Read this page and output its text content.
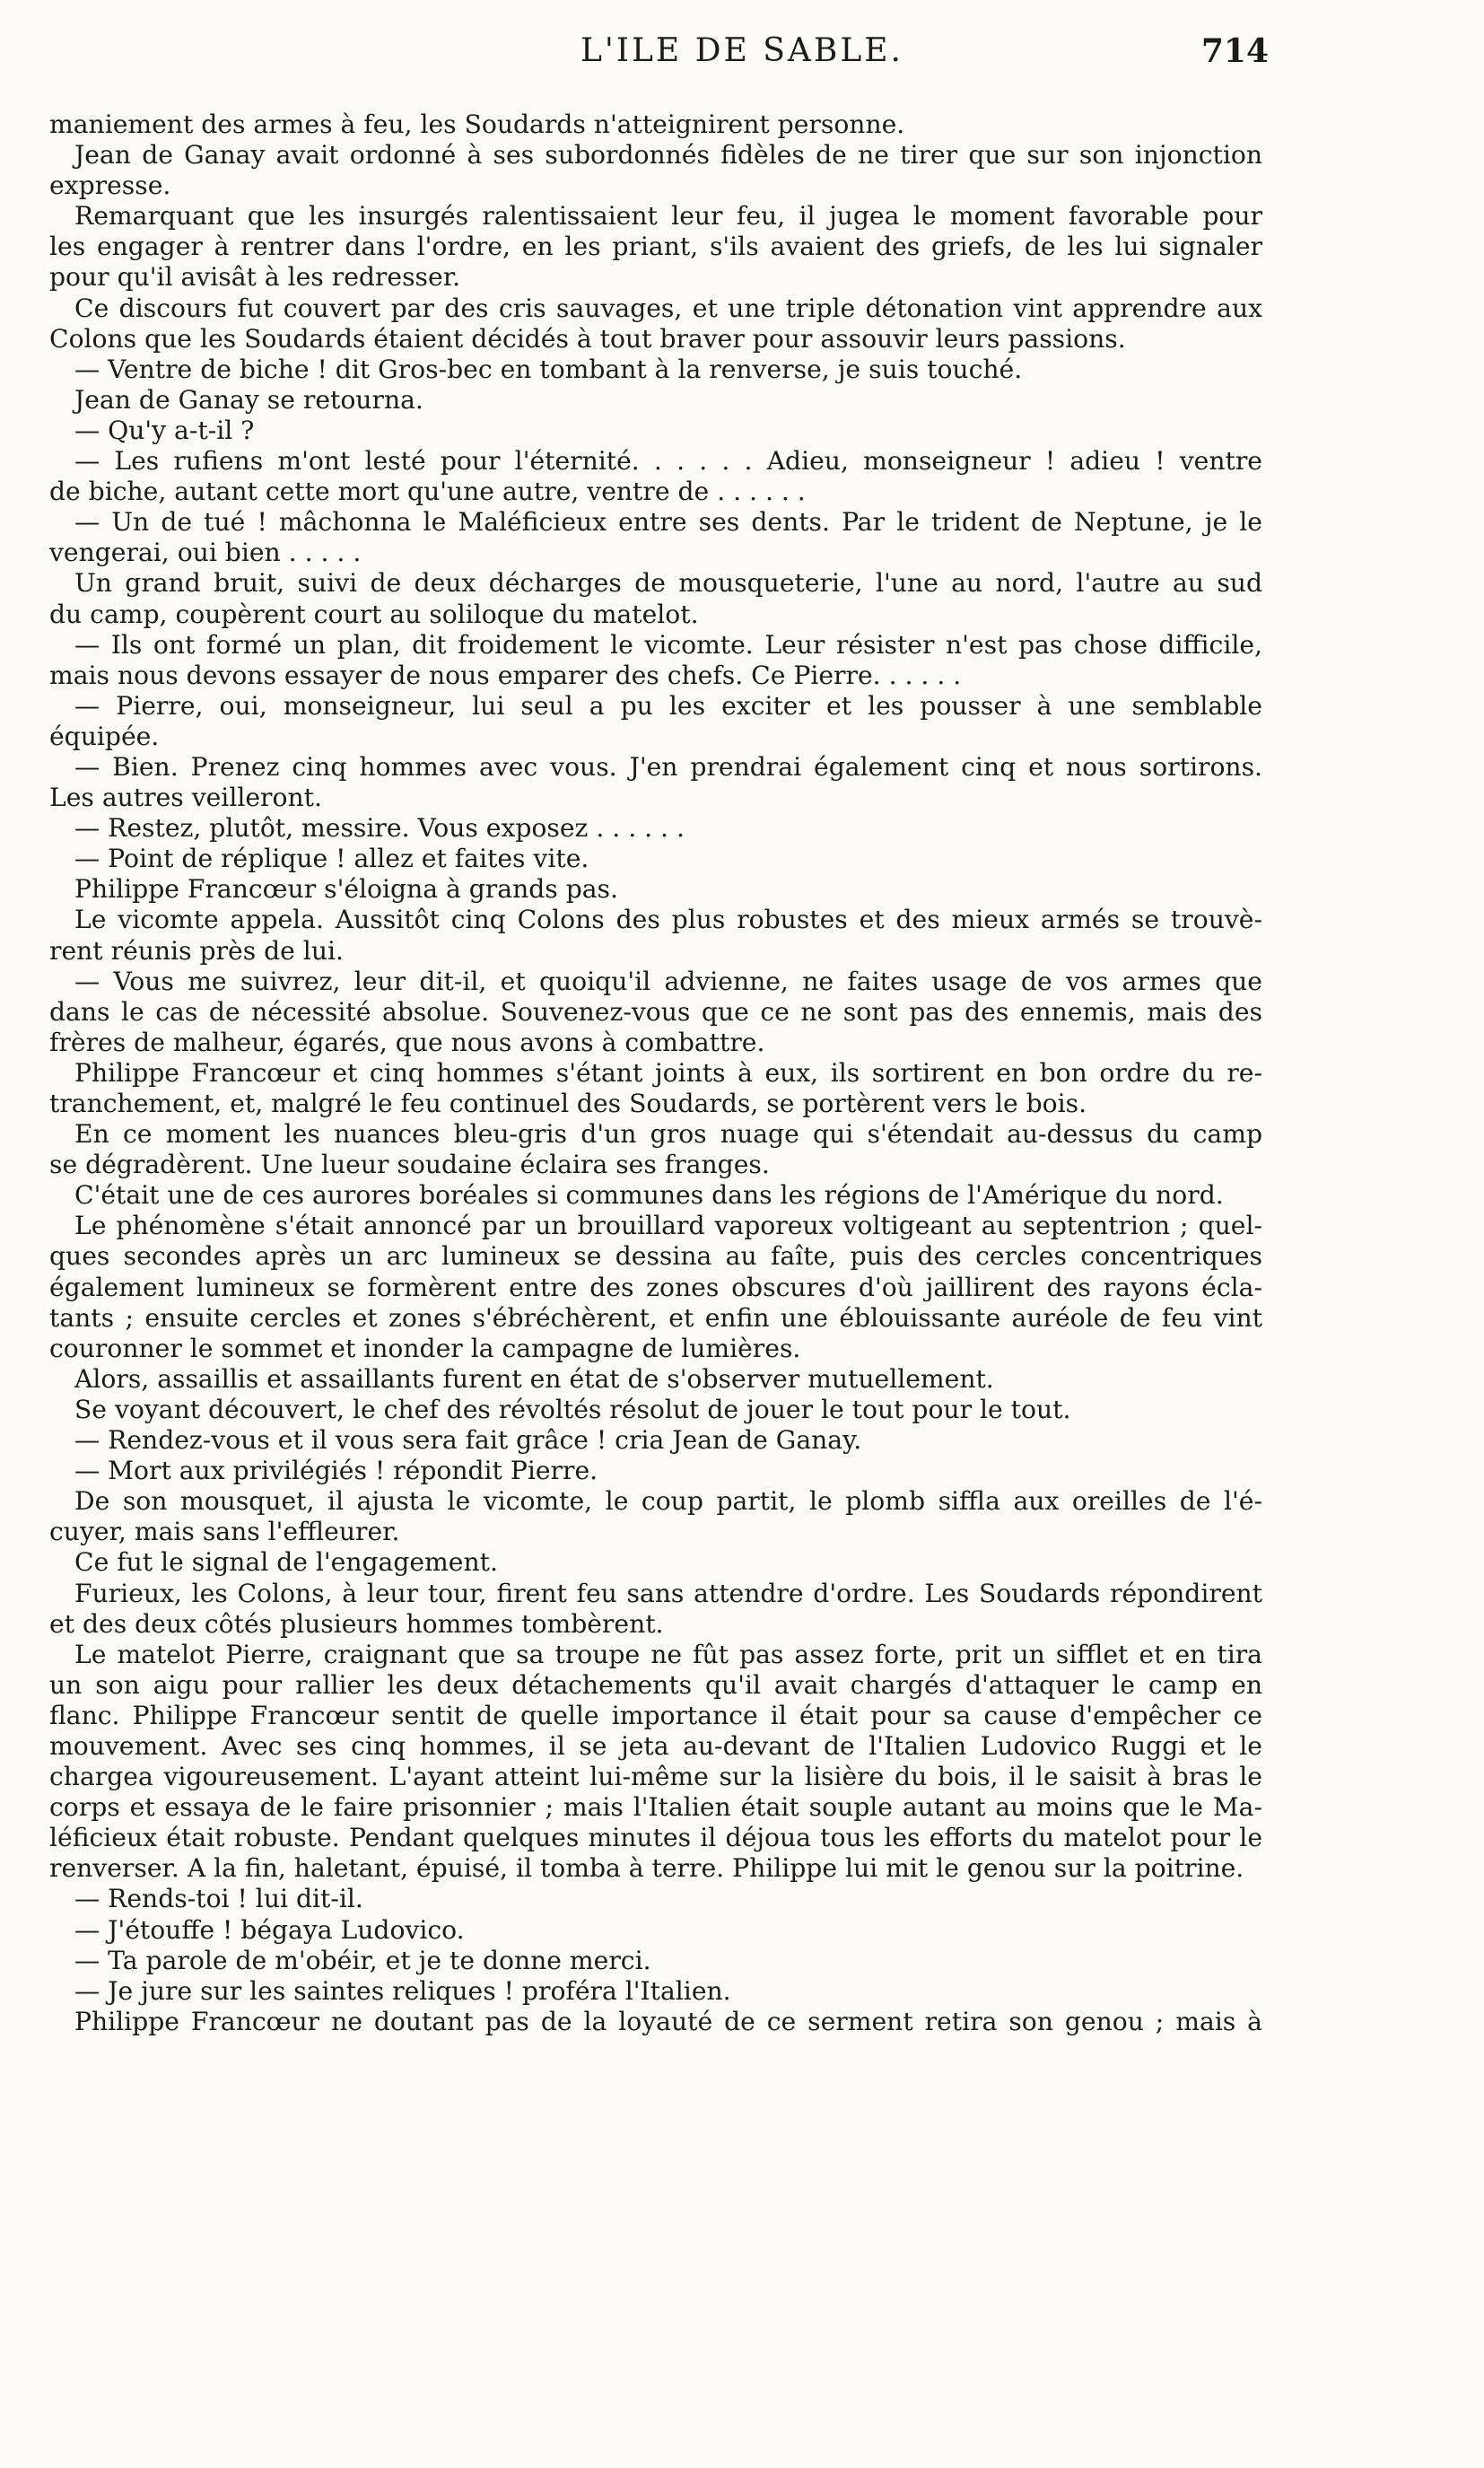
L'ILE DE SABLE.	714

maniement des armes à feu, les Soudards n'atteignirent personne.

Jean de Ganay avait ordonné à ses subordonnés fidèles de ne tirer que sur son injonction

expresse.

Remarquant que les insurgés ralentissaient leur feu, il jugea le moment favorable pour

les engager à rentrer dans l'ordre, en les priant, s'ils avaient des griefs, de les lui signaler

pour qu'il avisât à les redresser.

Ce discours fut couvert par des cris sauvages, et une triple détonation vint apprendre aux

Colons que les Soudards étaient décidés à tout braver pour assouvir leurs passions.

— Ventre de biche ! dit Gros-bec en tombant à la renverse, je suis touché.

Jean de Ganay se retourna.

— Qu'y a-t-il ?

— Les rufiens m'ont lesté pour l'éternité. . . . . . Adieu, monseigneur ! adieu ! ventre

de biche, autant cette mort qu'une autre, ventre de . . . . . .

— Un de tué ! mâchonna le Maléficieux entre ses dents. Par le trident de Neptune, je le

vengerai, oui bien . . . . .

Un grand bruit, suivi de deux décharges de mousqueterie, l'une au nord, l'autre au sud

du camp, coupèrent court au soliloque du matelot.

— Ils ont formé un plan, dit froidement le vicomte. Leur résister n'est pas chose difficile,

mais nous devons essayer de nous emparer des chefs. Ce Pierre. . . . . .

— Pierre, oui, monseigneur, lui seul a pu les exciter et les pousser à une semblable

équipée.

— Bien. Prenez cinq hommes avec vous. J'en prendrai également cinq et nous sortirons.

Les autres veilleront.

— Restez, plutôt, messire. Vous exposez . . . . . .

— Point de réplique ! allez et faites vite.

Philippe Francœur s'éloigna à grands pas.

Le vicomte appela. Aussitôt cinq Colons des plus robustes et des mieux armés se trouvè-

rent réunis près de lui.

— Vous me suivrez, leur dit-il, et quoiqu'il advienne, ne faites usage de vos armes que

dans le cas de nécessité absolue. Souvenez-vous que ce ne sont pas des ennemis, mais des

frères de malheur, égarés, que nous avons à combattre.

Philippe Francœur et cinq hommes s'étant joints à eux, ils sortirent en bon ordre du re-

tranchement, et, malgré le feu continuel des Soudards, se portèrent vers le bois.

En ce moment les nuances bleu-gris d'un gros nuage qui s'étendait au-dessus du camp

se dégradèrent. Une lueur soudaine éclaira ses franges.

C'était une de ces aurores boréales si communes dans les régions de l'Amérique du nord.

Le phénomène s'était annoncé par un brouillard vaporeux voltigeant au septentrion ; quel-

ques secondes après un arc lumineux se dessina au faîte, puis des cercles concentriques

également lumineux se formèrent entre des zones obscures d'où jaillirent des rayons écla-

tants ; ensuite cercles et zones s'ébréchèrent, et enfin une éblouissante auréole de feu vint

couronner le sommet et inonder la campagne de lumières.

Alors, assaillis et assaillants furent en état de s'observer mutuellement.

Se voyant découvert, le chef des révoltés résolut de jouer le tout pour le tout.

— Rendez-vous et il vous sera fait grâce ! cria Jean de Ganay.

— Mort aux privilégiés ! répondit Pierre.

De son mousquet, il ajusta le vicomte, le coup partit, le plomb siffla aux oreilles de l'é-

cuyer, mais sans l'effleurer.

Ce fut le signal de l'engagement.

Furieux, les Colons, à leur tour, firent feu sans attendre d'ordre. Les Soudards répondirent

et des deux côtés plusieurs hommes tombèrent.

Le matelot Pierre, craignant que sa troupe ne fût pas assez forte, prit un sifflet et en tira

un son aigu pour rallier les deux détachements qu'il avait chargés d'attaquer le camp en

flanc. Philippe Francœur sentit de quelle importance il était pour sa cause d'empêcher ce

mouvement. Avec ses cinq hommes, il se jeta au-devant de l'Italien Ludovico Ruggi et le

chargea vigoureusement. L'ayant atteint lui-même sur la lisière du bois, il le saisit à bras le

corps et essaya de le faire prisonnier ; mais l'Italien était souple autant au moins que le Ma-

léficieux était robuste. Pendant quelques minutes il déjoua tous les efforts du matelot pour le

renverser. A la fin, haletant, épuisé, il tomba à terre. Philippe lui mit le genou sur la poitrine.

— Rends-toi ! lui dit-il.

— J'étouffe ! bégaya Ludovico.

— Ta parole de m'obéir, et je te donne merci.

— Je jure sur les saintes reliques ! proféra l'Italien.

Philippe Francœur ne doutant pas de la loyauté de ce serment retira son genou ; mais à
